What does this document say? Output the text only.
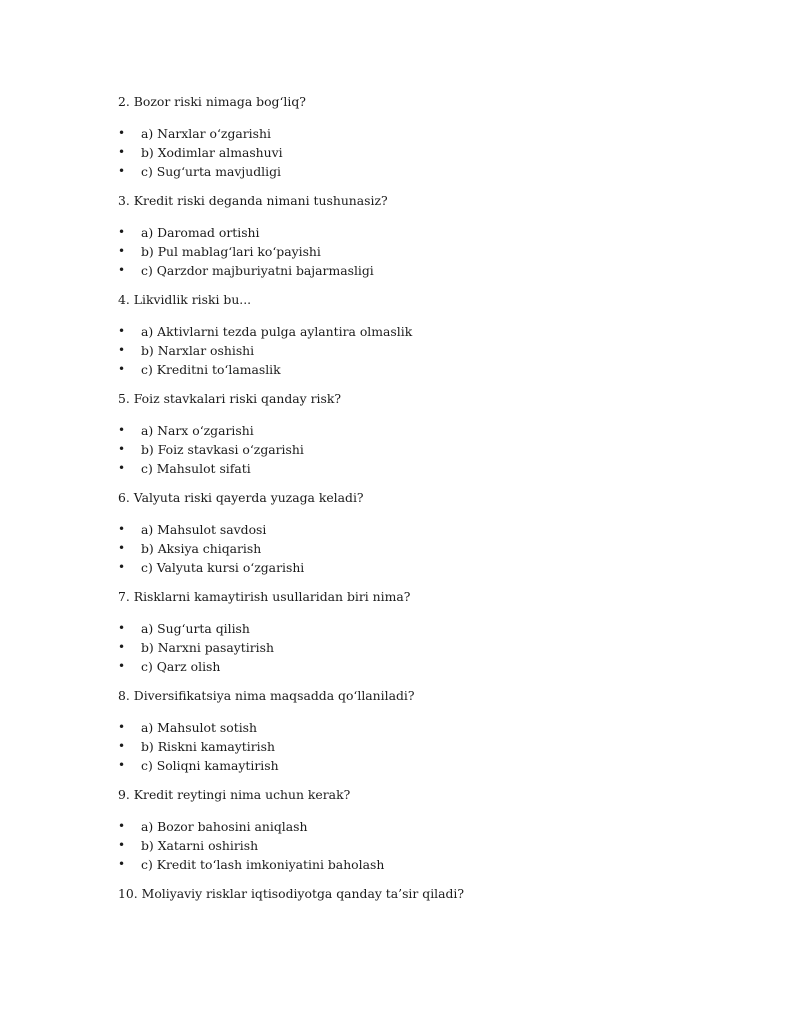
2. Bozor riski nimaga bog‘liq?

• a) Narxlar o‘zgarishi
• b) Xodimlar almashuvi
• c) Sug‘urta mavjudligi

3. Kredit riski deganda nimani tushunasiz?

• a) Daromad ortishi
• b) Pul mablag‘lari ko‘payishi
• c) Qarzdor majburiyatni bajarmasligi

4. Likvidlik riski bu...

• a) Aktivlarni tezda pulga aylantira olmaslik
• b) Narxlar oshishi
• c) Kreditni to‘lamaslik

5. Foiz stavkalari riski qanday risk?

• a) Narx o‘zgarishi
• b) Foiz stavkasi o‘zgarishi
• c) Mahsulot sifati

6. Valyuta riski qayerda yuzaga keladi?

• a) Mahsulot savdosi
• b) Aksiya chiqarish
• c) Valyuta kursi o‘zgarishi

7. Risklarni kamaytirish usullaridan biri nima?

• a) Sug‘urta qilish
• b) Narxni pasaytirish
• c) Qarz olish

8. Diversifikatsiya nima maqsadda qo‘llaniladi?

• a) Mahsulot sotish
• b) Riskni kamaytirish
• c) Soliqni kamaytirish

9. Kredit reytingi nima uchun kerak?

• a) Bozor bahosini aniqlash
• b) Xatarni oshirish
• c) Kredit to‘lash imkoniyatini baholash

10. Moliyaviy risklar iqtisodiyotga qanday ta’sir qiladi?
